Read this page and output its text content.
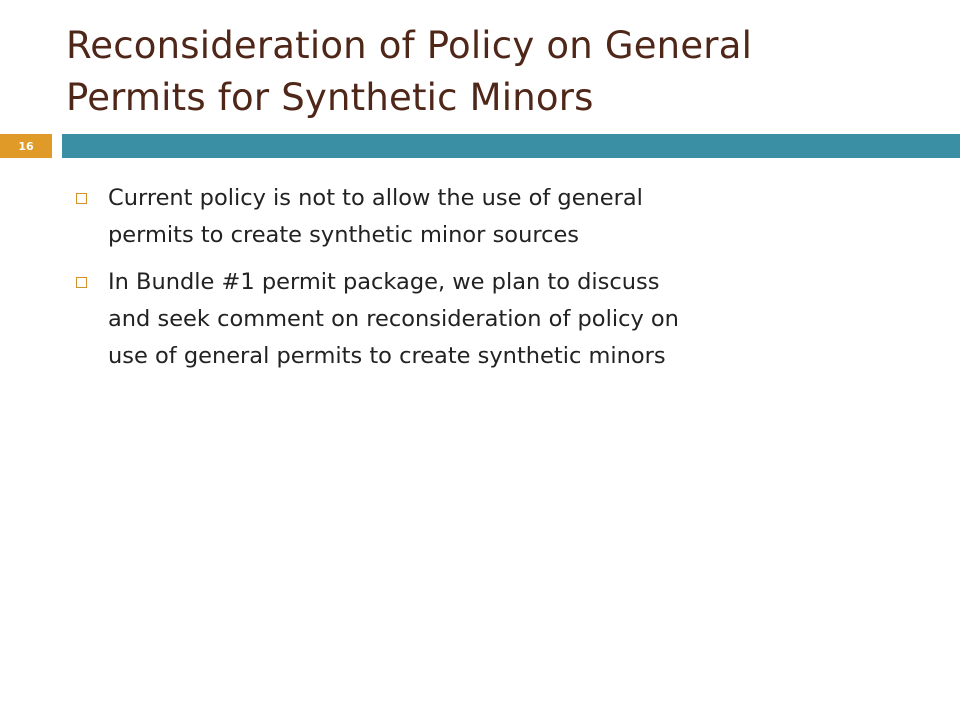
Reconsideration of Policy on General
Permits for Synthetic Minors
16
Current policy is not to allow the use of general
permits to create synthetic minor sources
In Bundle #1 permit package, we plan to discuss
and seek comment on reconsideration of policy on
use of general permits to create synthetic minors
